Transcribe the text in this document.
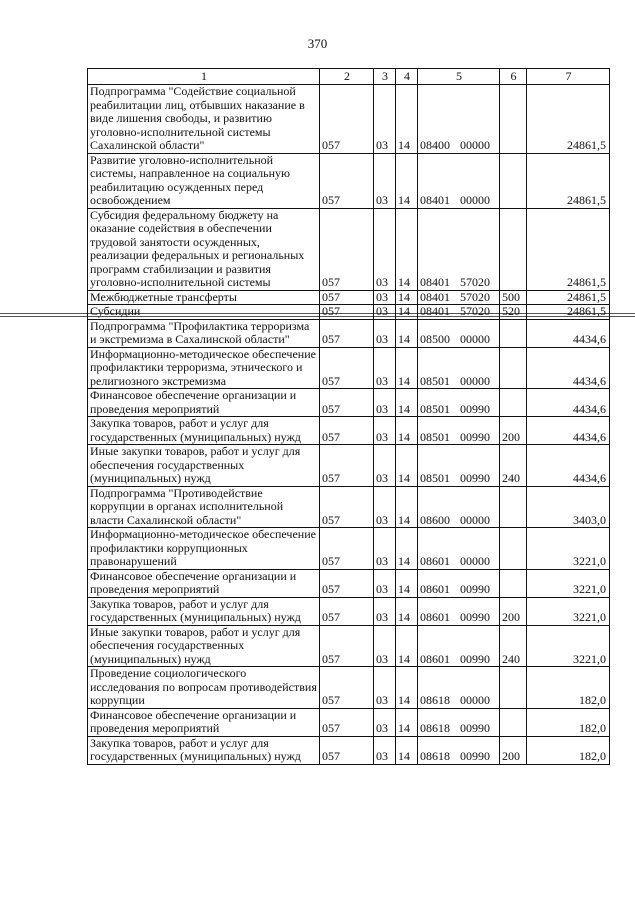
370
1	2	3	4	5	6	7
Подпрограмма "Содействие социальной реабилитации лиц, отбывших наказание в виде лишения свободы, и развитию уголовно-исполнительной системы Сахалинской области"	057	03	14	08400 00000		24861,5
Развитие уголовно-исполнительной системы, направленное на социальную реабилитацию осужденных перед освобождением	057	03	14	08401 00000		24861,5
Субсидия федеральному бюджету на оказание содействия в обеспечении трудовой занятости осужденных, реализации федеральных и региональных программ стабилизации и развития уголовно-исполнительной системы	057	03	14	08401 57020		24861,5
Межбюджетные трансферты	057	03	14	08401 57020	500	24861,5
Субсидии	057	03	14	08401 57020	520	24861,5
Подпрограмма "Профилактика терроризма и экстремизма в Сахалинской области"	057	03	14	08500 00000		4434,6
Информационно-методическое обеспечение профилактики терроризма, этнического и религиозного экстремизма	057	03	14	08501 00000		4434,6
Финансовое обеспечение организации и проведения мероприятий	057	03	14	08501 00990		4434,6
Закупка товаров, работ и услуг для государственных (муниципальных) нужд	057	03	14	08501 00990	200	4434,6
Иные закупки товаров, работ и услуг для обеспечения государственных (муниципальных) нужд	057	03	14	08501 00990	240	4434,6
Подпрограмма "Противодействие коррупции в органах исполнительной власти Сахалинской области"	057	03	14	08600 00000		3403,0
Информационно-методическое обеспечение профилактики коррупционных правонарушений	057	03	14	08601 00000		3221,0
Финансовое обеспечение организации и проведения мероприятий	057	03	14	08601 00990		3221,0
Закупка товаров, работ и услуг для государственных (муниципальных) нужд	057	03	14	08601 00990	200	3221,0
Иные закупки товаров, работ и услуг для обеспечения государственных (муниципальных) нужд	057	03	14	08601 00990	240	3221,0
Проведение социологического исследования по вопросам противодействия коррупции	057	03	14	08618 00000		182,0
Финансовое обеспечение организации и проведения мероприятий	057	03	14	08618 00990		182,0
Закупка товаров, работ и услуг для государственных (муниципальных) нужд	057	03	14	08618 00990	200	182,0
